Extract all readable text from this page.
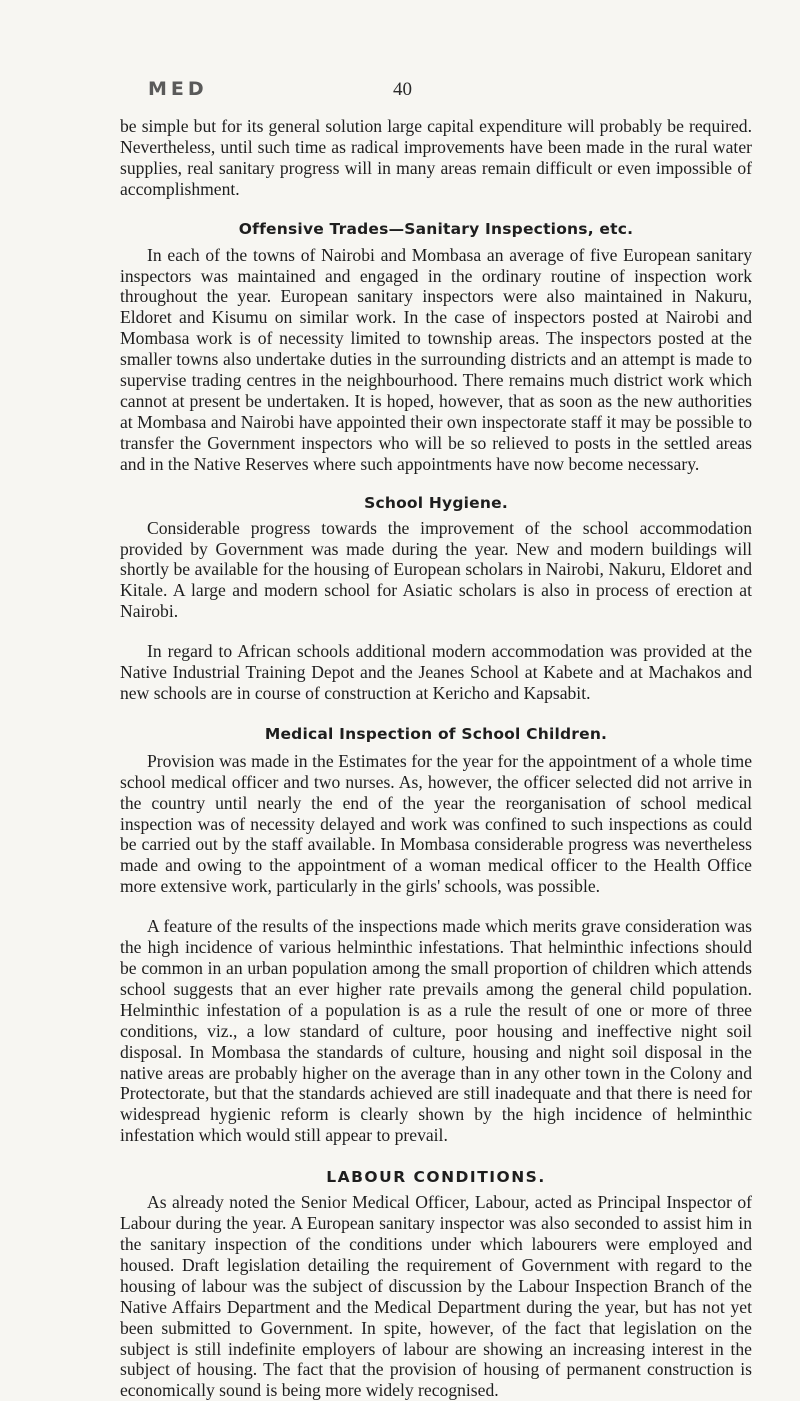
MED	40

be simple but for its general solution large capital expenditure will probably be required. Nevertheless, until such time as radical improvements have been made in the rural water supplies, real sanitary progress will in many areas remain difficult or even impossible of accomplishment.

Offensive Trades—Sanitary Inspections, etc.

In each of the towns of Nairobi and Mombasa an average of five European sanitary inspectors was maintained and engaged in the ordinary routine of inspection work throughout the year. European sanitary inspectors were also maintained in Nakuru, Eldoret and Kisumu on similar work. In the case of inspectors posted at Nairobi and Mombasa work is of necessity limited to township areas. The inspectors posted at the smaller towns also undertake duties in the surrounding districts and an attempt is made to supervise trading centres in the neighbourhood. There remains much district work which cannot at present be undertaken. It is hoped, however, that as soon as the new authorities at Mombasa and Nairobi have appointed their own inspectorate staff it may be possible to transfer the Government inspectors who will be so relieved to posts in the settled areas and in the Native Reserves where such appointments have now become necessary.

School Hygiene.

Considerable progress towards the improvement of the school accommodation provided by Government was made during the year. New and modern buildings will shortly be available for the housing of European scholars in Nairobi, Nakuru, Eldoret and Kitale. A large and modern school for Asiatic scholars is also in process of erection at Nairobi.

In regard to African schools additional modern accommodation was provided at the Native Industrial Training Depot and the Jeanes School at Kabete and at Machakos and new schools are in course of construction at Kericho and Kapsabit.

Medical Inspection of School Children.

Provision was made in the Estimates for the year for the appointment of a whole time school medical officer and two nurses. As, however, the officer selected did not arrive in the country until nearly the end of the year the reorganisation of school medical inspection was of necessity delayed and work was confined to such inspections as could be carried out by the staff available. In Mombasa considerable progress was nevertheless made and owing to the appointment of a woman medical officer to the Health Office more extensive work, particularly in the girls' schools, was possible.

A feature of the results of the inspections made which merits grave consideration was the high incidence of various helminthic infestations. That helminthic infections should be common in an urban population among the small proportion of children which attends school suggests that an ever higher rate prevails among the general child population. Helminthic infestation of a population is as a rule the result of one or more of three conditions, viz., a low standard of culture, poor housing and ineffective night soil disposal. In Mombasa the standards of culture, housing and night soil disposal in the native areas are probably higher on the average than in any other town in the Colony and Protectorate, but that the standards achieved are still inadequate and that there is need for widespread hygienic reform is clearly shown by the high incidence of helminthic infestation which would still appear to prevail.

LABOUR CONDITIONS.

As already noted the Senior Medical Officer, Labour, acted as Principal Inspector of Labour during the year. A European sanitary inspector was also seconded to assist him in the sanitary inspection of the conditions under which labourers were employed and housed. Draft legislation detailing the requirement of Government with regard to the housing of labour was the subject of discussion by the Labour Inspection Branch of the Native Affairs Department and the Medical Department during the year, but has not yet been submitted to Government. In spite, however, of the fact that legislation on the subject is still indefinite employers of labour are showing an increasing interest in the subject of housing. The fact that the provision of housing of permanent construction is economically sound is being more widely recognised.
